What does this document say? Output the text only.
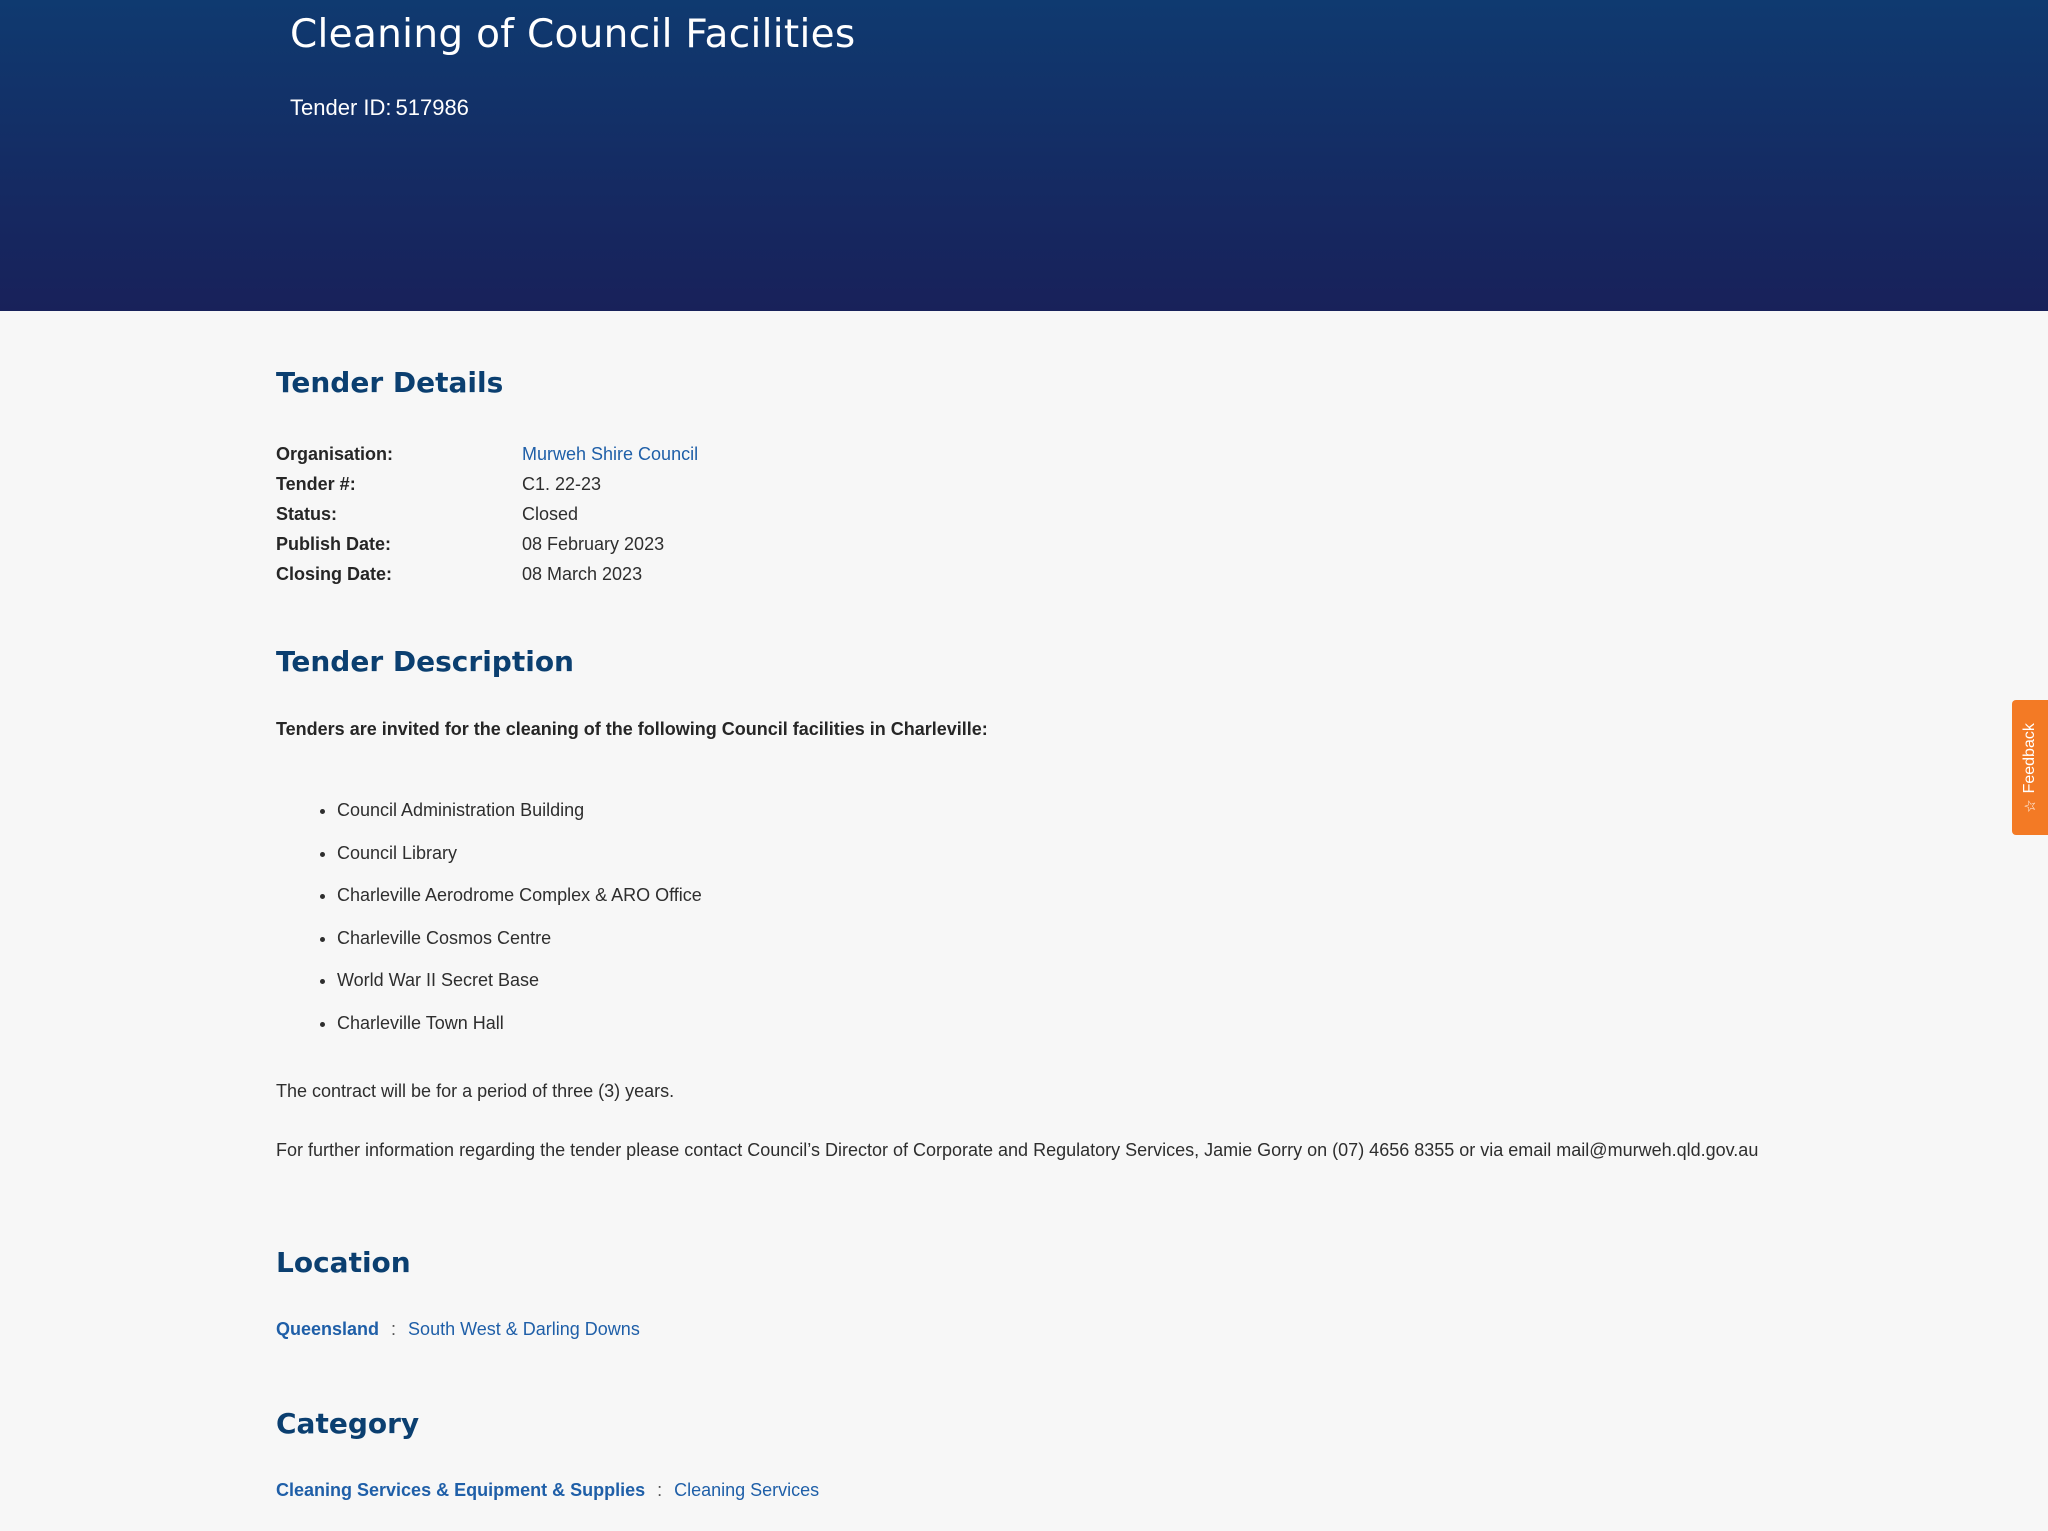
Cleaning of Council Facilities
Tender ID: 517986
Tender Details
Organisation:	Murweh Shire Council
Tender #:	C1. 22-23
Status:	Closed
Publish Date:	08 February 2023
Closing Date:	08 March 2023
Tender Description

Tenders are invited for the cleaning of the following Council facilities in Charleville:

• Council Administration Building
• Council Library
• Charleville Aerodrome Complex & ARO Office
• Charleville Cosmos Centre
• World War II Secret Base
• Charleville Town Hall

The contract will be for a period of three (3) years.

For further information regarding the tender please contact Council’s Director of Corporate and Regulatory Services, Jamie Gorry on (07) 4656 8355 or via email mail@murweh.qld.gov.au

Location
Queensland : South West & Darling Downs
Category
Cleaning Services & Equipment & Supplies : Cleaning Services
☆
Feedback
